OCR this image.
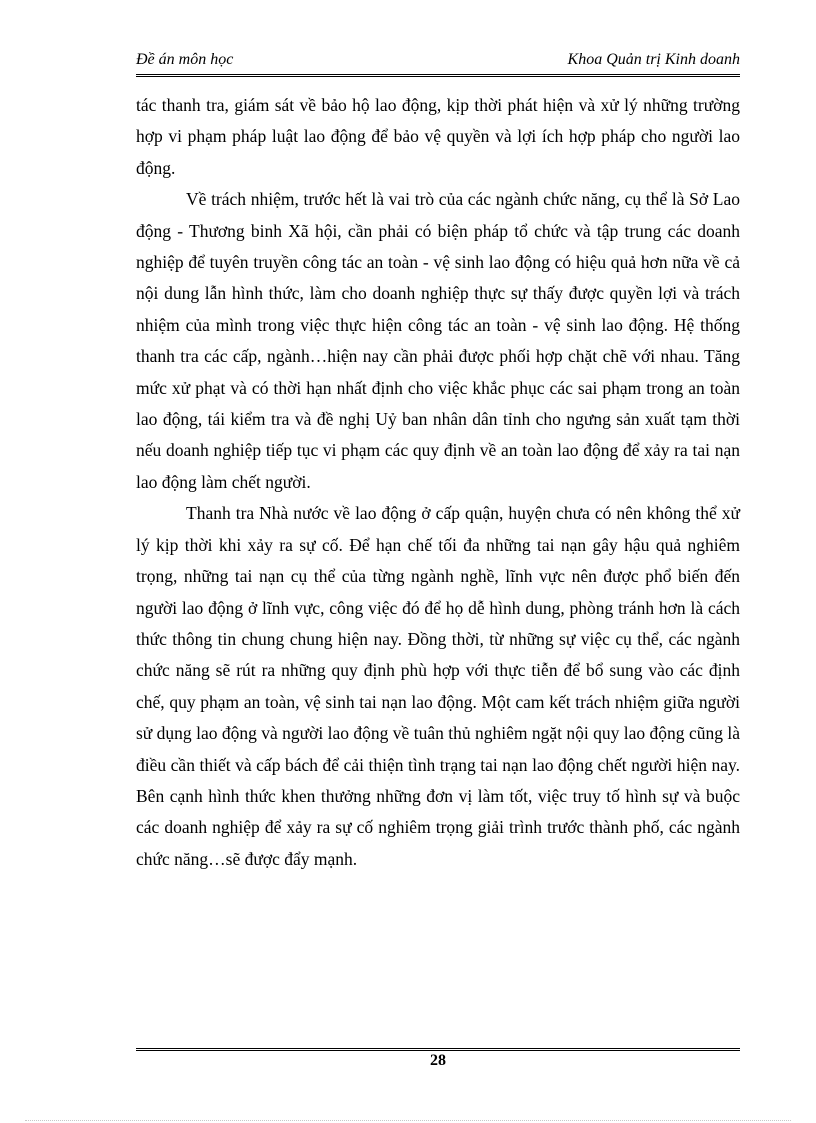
Đề án môn học	Khoa Quản trị Kinh doanh

tác thanh tra, giám sát về bảo hộ lao động, kịp thời phát hiện và xử lý những trường hợp vi phạm pháp luật lao động để bảo vệ quyền và lợi ích hợp pháp cho người lao động.

Về trách nhiệm, trước hết là vai trò của các ngành chức năng, cụ thể là Sở Lao động - Thương binh Xã hội, cần phải có biện pháp tổ chức và tập trung các doanh nghiệp để tuyên truyền công tác an toàn - vệ sinh lao động có hiệu quả hơn nữa về cả nội dung lẫn hình thức, làm cho doanh nghiệp thực sự thấy được quyền lợi và trách nhiệm của mình trong việc thực hiện công tác an toàn - vệ sinh lao động. Hệ thống thanh tra các cấp, ngành…hiện nay cần phải được phối hợp chặt chẽ với nhau. Tăng mức xử phạt và có thời hạn nhất định cho việc khắc phục các sai phạm trong an toàn lao động, tái kiểm tra và đề nghị Uỷ ban nhân dân tỉnh cho ngưng sản xuất tạm thời nếu doanh nghiệp tiếp tục vi phạm các quy định về an toàn lao động để xảy ra tai nạn lao động làm chết người.

Thanh tra Nhà nước về lao động ở cấp quận, huyện chưa có nên không thể xử lý kịp thời khi xảy ra sự cố. Để hạn chế tối đa những tai nạn gây hậu quả nghiêm trọng, những tai nạn cụ thể của từng ngành nghề, lĩnh vực nên được phổ biến đến người lao động ở lĩnh vực, công việc đó để họ dễ hình dung, phòng tránh hơn là cách thức thông tin chung chung hiện nay. Đồng thời, từ những sự việc cụ thể, các ngành chức năng sẽ rút ra những quy định phù hợp với thực tiễn để bổ sung vào các định chế, quy phạm an toàn, vệ sinh tai nạn lao động. Một cam kết trách nhiệm giữa người sử dụng lao động và người lao động về tuân thủ nghiêm ngặt nội quy lao động cũng là điều cần thiết và cấp bách để cải thiện tình trạng tai nạn lao động chết người hiện nay. Bên cạnh hình thức khen thưởng những đơn vị làm tốt, việc truy tố hình sự và buộc các doanh nghiệp để xảy ra sự cố nghiêm trọng giải trình trước thành phố, các ngành chức năng…sẽ được đẩy mạnh.

28
